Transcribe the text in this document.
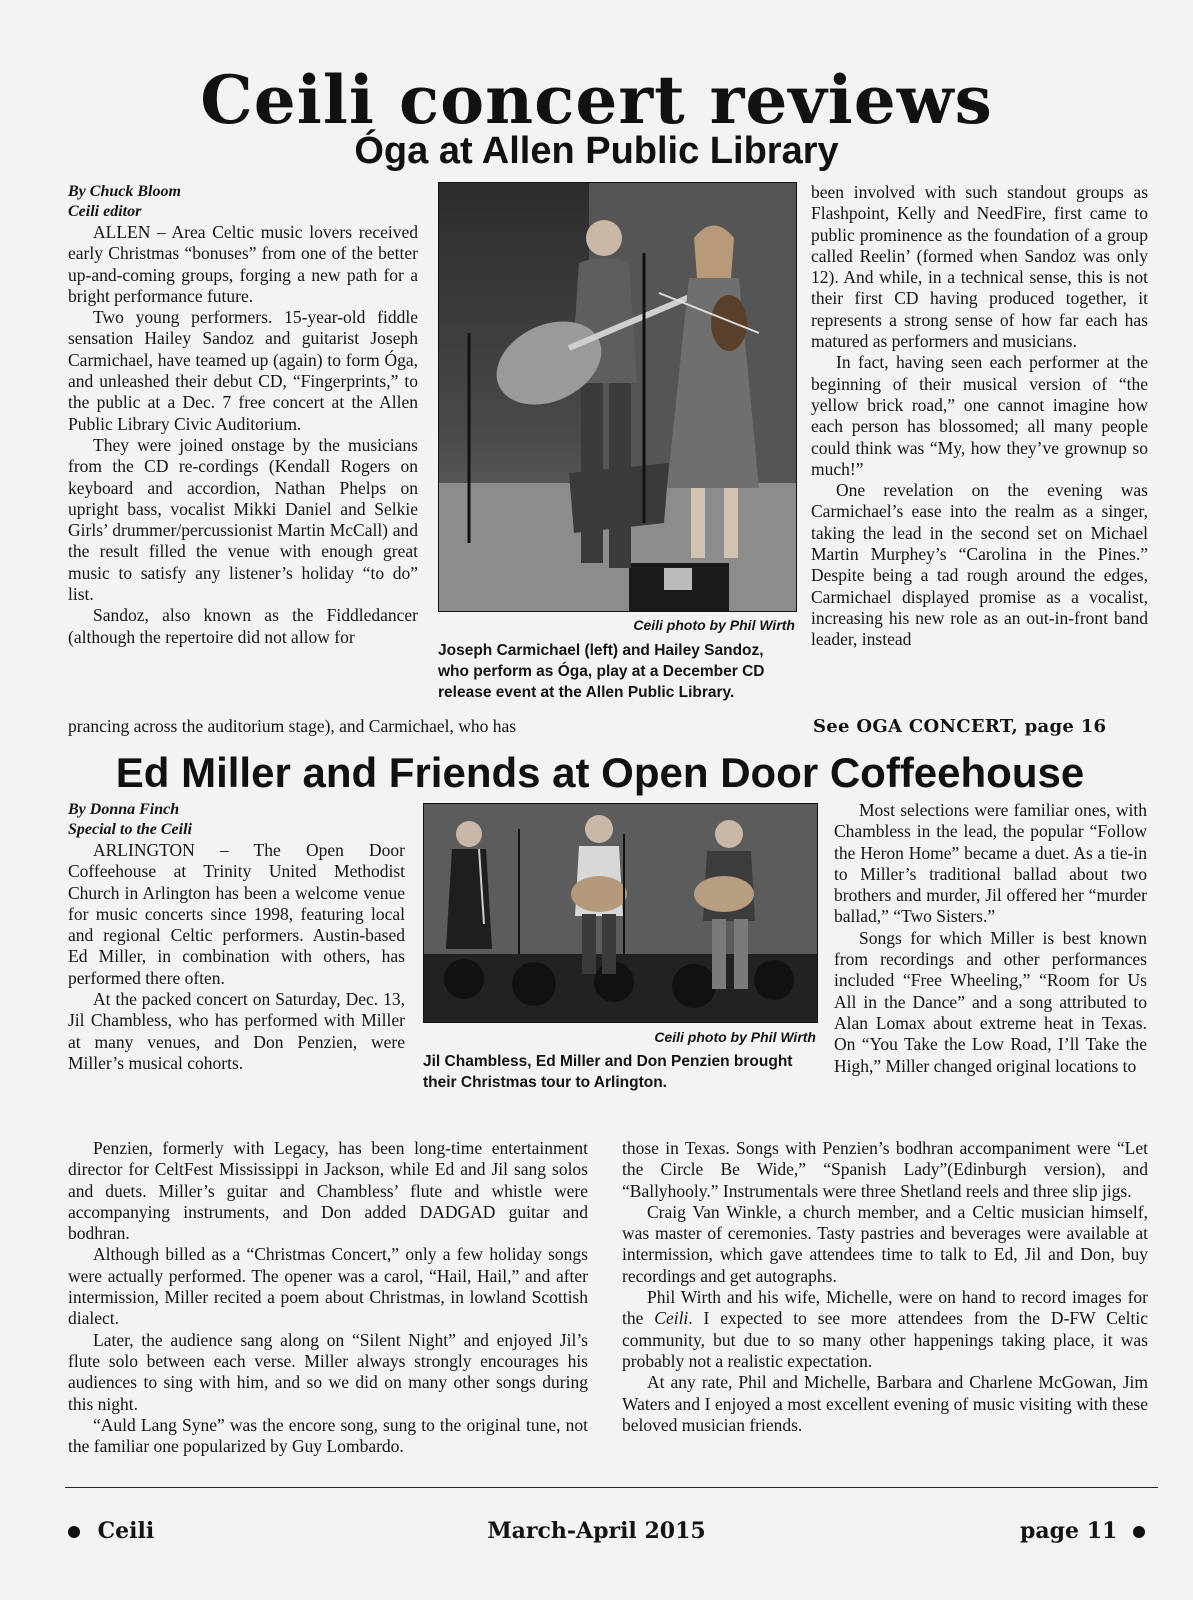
Ceili concert reviews
Óga at Allen Public Library
By Chuck Bloom
Ceili editor

ALLEN – Area Celtic music lovers received early Christmas “bonuses” from one of the better up-and-coming groups, forging a new path for a bright performance future.

Two young performers. 15-year-old fiddle sensation Hailey Sandoz and guitarist Joseph Carmichael, have teamed up (again) to form Óga, and unleashed their debut CD, “Fingerprints,” to the public at a Dec. 7 free concert at the Allen Public Library Civic Auditorium.

They were joined onstage by the musicians from the CD re-cordings (Kendall Rogers on keyboard and accordion, Nathan Phelps on upright bass, vocalist Mikki Daniel and Selkie Girls’ drummer/percussionist Martin McCall) and the result filled the venue with enough great music to satisfy any listener’s holiday “to do” list.

Sandoz, also known as the Fiddledancer (although the repertoire did not allow for

prancing across the auditorium stage), and Carmichael, who has
Ceili photo by Phil Wirth
Joseph Carmichael (left) and Hailey Sandoz, who perform as Óga, play at a December CD release event at the Allen Public Library.

been involved with such standout groups as Flashpoint, Kelly and NeedFire, first came to public prominence as the foundation of a group called Reelin’ (formed when Sandoz was only 12). And while, in a technical sense, this is not their first CD having produced together, it represents a strong sense of how far each has matured as performers and musicians.

In fact, having seen each performer at the beginning of their musical version of “the yellow brick road,” one cannot imagine how each person has blossomed; all many people could think was “My, how they’ve grownup so much!”

One revelation on the evening was Carmichael’s ease into the realm as a singer, taking the lead in the second set on Michael Martin Murphey’s “Carolina in the Pines.” Despite being a tad rough around the edges, Carmichael displayed promise as a vocalist, increasing his new role as an out-in-front band leader, instead

See OGA CONCERT, page 16
Ed Miller and Friends at Open Door Coffeehouse
By Donna Finch
Special to the Ceili

ARLINGTON – The Open Door Coffeehouse at Trinity United Methodist Church in Arlington has been a welcome venue for music concerts since 1998, featuring local and regional Celtic performers. Austin-based Ed Miller, in combination with others, has performed there often.

At the packed concert on Saturday, Dec. 13, Jil Chambless, who has performed with Miller at many venues, and Don Penzien, were Miller’s musical cohorts.

Ceili photo by Phil Wirth
Jil Chambless, Ed Miller and Don Penzien brought their Christmas tour to Arlington.

Most selections were familiar ones, with Chambless in the lead, the popular “Follow the Heron Home” became a duet. As a tie-in to Miller’s traditional ballad about two brothers and murder, Jil offered her “murder ballad,” “Two Sisters.”

Songs for which Miller is best known from recordings and other performances included “Free Wheeling,” “Room for Us All in the Dance” and a song attributed to Alan Lomax about extreme heat in Texas. On “You Take the Low Road, I’ll Take the High,” Miller changed original locations to

Penzien, formerly with Legacy, has been long-time entertainment director for CeltFest Mississippi in Jackson, while Ed and Jil sang solos and duets. Miller’s guitar and Chambless’ flute and whistle were accompanying instruments, and Don added DADGAD guitar and bodhran.

Although billed as a “Christmas Concert,” only a few holiday songs were actually performed. The opener was a carol, “Hail, Hail,” and after intermission, Miller recited a poem about Christmas, in lowland Scottish dialect.

Later, the audience sang along on “Silent Night” and enjoyed Jil’s flute solo between each verse. Miller always strongly encourages his audiences to sing with him, and so we did on many other songs during this night.

“Auld Lang Syne” was the encore song, sung to the original tune, not the familiar one popularized by Guy Lombardo.

those in Texas. Songs with Penzien’s bodhran accompaniment were “Let the Circle Be Wide,” “Spanish Lady”(Edinburgh version), and “Ballyhooly.” Instrumentals were three Shetland reels and three slip jigs.

Craig Van Winkle, a church member, and a Celtic musician himself, was master of ceremonies. Tasty pastries and beverages were available at intermission, which gave attendees time to talk to Ed, Jil and Don, buy recordings and get autographs.

Phil Wirth and his wife, Michelle, were on hand to record images for the Ceili. I expected to see more attendees from the D-FW Celtic community, but due to so many other happenings taking place, it was probably not a realistic expectation.

At any rate, Phil and Michelle, Barbara and Charlene McGowan, Jim Waters and I enjoyed a most excellent evening of music visiting with these beloved musician friends.

Ceili	March-April 2015	page 11
